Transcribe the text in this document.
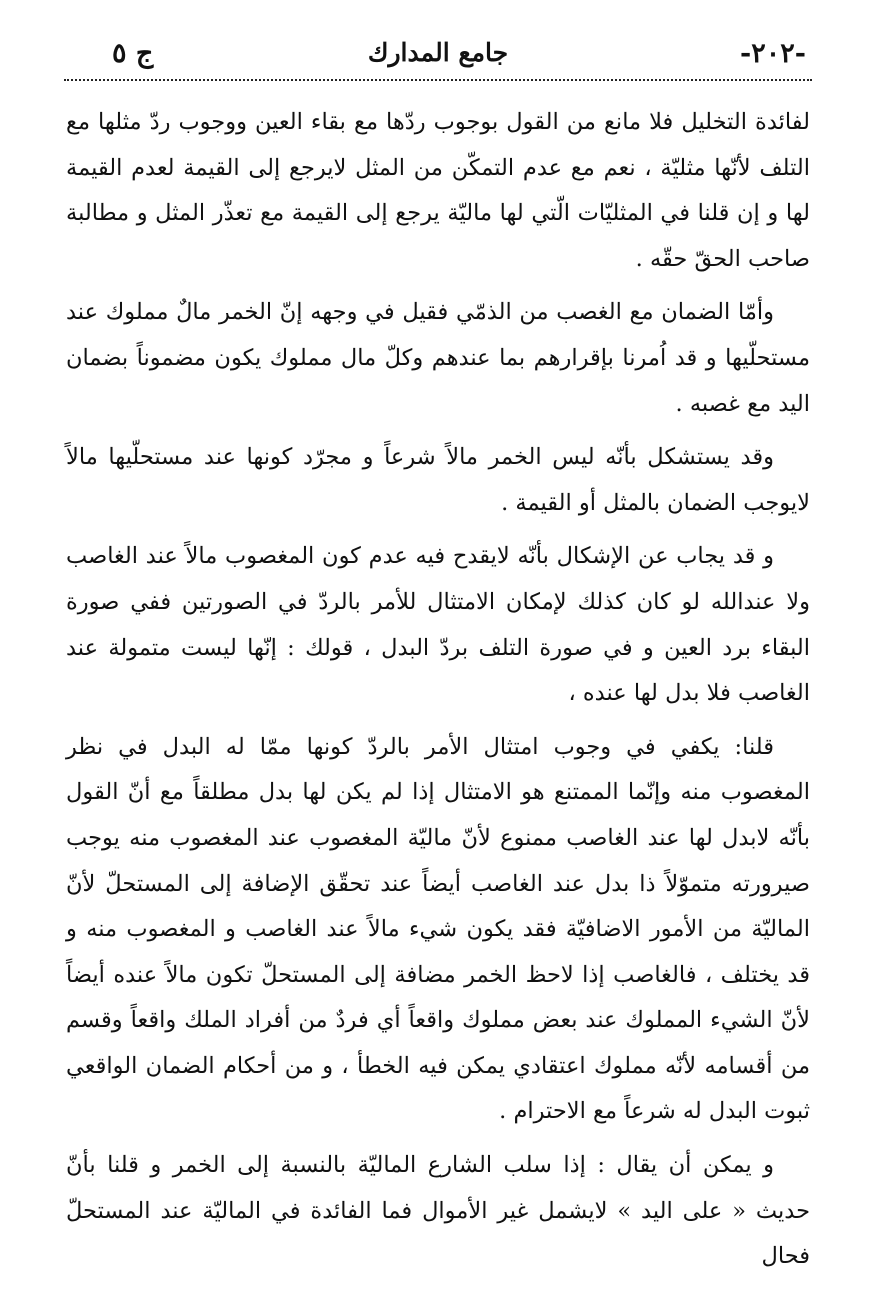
-٢٠٢-
جامع المدارك
ج ٥

لفائدة التخليل فلا مانع من القول بوجوب ردّها مع بقاء العين ووجوب ردّ مثلها مع التلف لأنّها مثليّة ، نعم مع عدم التمكّن من المثل لايرجع إلى القيمة لعدم القيمة لها و إن قلنا في المثليّات الّتي لها ماليّة يرجع إلى القيمة مع تعذّر المثل و مطالبة صاحب الحقّ حقّه .

وأمّا الضمان مع الغصب من الذمّي فقيل في وجهه إنّ الخمر مالٌ مملوك عند مستحلّيها و قد اُمرنا بإقرارهم بما عندهم وكلّ مال مملوك يكون مضموناً بضمان اليد مع غصبه .

وقد يستشكل بأنّه ليس الخمر مالاً شرعاً و مجرّد كونها عند مستحلّيها مالاً لايوجب الضمان بالمثل أو القيمة .

و قد يجاب عن الإشكال بأنّه لايقدح فيه عدم كون المغصوب مالاً عند الغاصب ولا عندالله لو كان كذلك لإمكان الامتثال للأمر بالردّ في الصورتين ففي صورة البقاء برد العين و في صورة التلف بردّ البدل ، قولك : إنّها ليست متمولة عند الغاصب فلا بدل لها عنده ،

قلنا: يكفي في وجوب امتثال الأمر بالردّ كونها ممّا له البدل في نظر المغصوب منه وإنّما الممتنع هو الامتثال إذا لم يكن لها بدل مطلقاً مع أنّ القول بأنّه لابدل لها عند الغاصب ممنوع لأنّ ماليّة المغصوب عند المغصوب منه يوجب صيرورته متموّلاً ذا بدل عند الغاصب أيضاً عند تحقّق الإضافة إلى المستحلّ لأنّ الماليّة من الأمور الاضافيّة فقد يكون شيء مالاً عند الغاصب و المغصوب منه و قد يختلف ، فالغاصب إذا لاحظ الخمر مضافة إلى المستحلّ تكون مالاً عنده أيضاً لأنّ الشيء المملوك عند بعض مملوك واقعاً أي فردٌ من أفراد الملك واقعاً وقسم من أقسامه لأنّه مملوك اعتقادي يمكن فيه الخطأ ، و من أحكام الضمان الواقعي ثبوت البدل له شرعاً مع الاحترام .

و يمكن أن يقال : إذا سلب الشارع الماليّة بالنسبة إلى الخمر و قلنا بأنّ حديث « على اليد » لايشمل غير الأموال فما الفائدة في الماليّة عند المستحلّ فحال
